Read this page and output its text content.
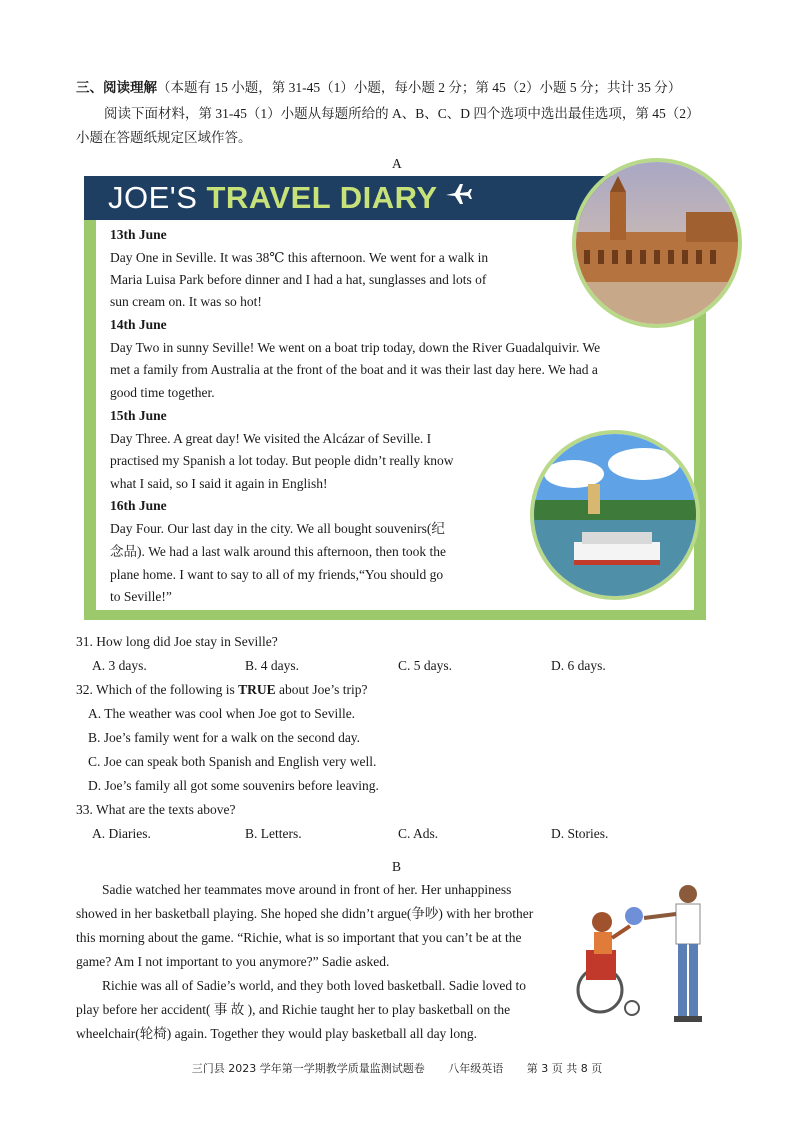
三、阅读理解（本题有 15 小题，第 31-45（1）小题，每小题 2 分；第 45（2）小题 5 分；共计 35 分）
阅读下面材料，第 31-45（1）小题从每题所给的 A、B、C、D 四个选项中选出最佳选项，第 45（2）
小题在答题纸规定区域作答。
A
JOE'S TRAVEL DIARY
13th June
Day One in Seville. It was 38℃ this afternoon. We went for a walk in
Maria Luisa Park before dinner and I had a hat, sunglasses and lots of
sun cream on. It was so hot!
14th June
Day Two in sunny Seville! We went on a boat trip today, down the River Guadalquivir. We
met a family from Australia at the front of the boat and it was their last day here. We had a
good time together.
15th June
Day Three. A great day! We visited the Alcázar of Seville. I
practised my Spanish a lot today. But people didn’t really know
what I said, so I said it again in English!
16th June
Day Four. Our last day in the city. We all bought souvenirs(纪
念品). We had a last walk around this afternoon, then took the
plane home. I want to say to all of my friends,“You should go
to Seville!”
31. How long did Joe stay in Seville?
A. 3 days.	B. 4 days.	C. 5 days.	D. 6 days.
32. Which of the following is TRUE about Joe’s trip?
A. The weather was cool when Joe got to Seville.
B. Joe’s family went for a walk on the second day.
C. Joe can speak both Spanish and English very well.
D. Joe’s family all got some souvenirs before leaving.
33. What are the texts above?
A. Diaries.	B. Letters.	C. Ads.	D. Stories.
B
Sadie watched her teammates move around in front of her. Her unhappiness
showed in her basketball playing. She hoped she didn’t argue(争吵) with her brother
this morning about the game. “Richie, what is so important that you can’t be at the
game? Am I not important to you anymore?” Sadie asked.
Richie was all of Sadie’s world, and they both loved basketball. Sadie loved to
play before her accident( 事 故 ), and Richie taught her to play basketball on the
wheelchair(轮椅) again. Together they would play basketball all day long.
三门县 2023 学年第一学期教学质量监测试题卷 八年级英语 第 3 页 共 8 页
